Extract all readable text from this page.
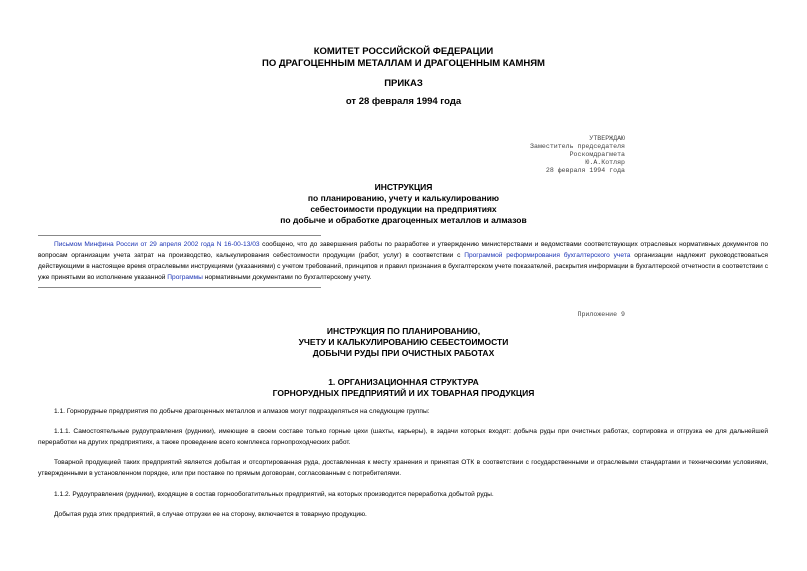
КОМИТЕТ РОССИЙСКОЙ ФЕДЕРАЦИИ
ПО ДРАГОЦЕННЫМ МЕТАЛЛАМ И ДРАГОЦЕННЫМ КАМНЯМ
ПРИКАЗ
от 28 февраля 1994 года
УТВЕРЖДАЮ
Заместитель председателя
Роскомдрагмета
Ю.А.Котляр
28 февраля 1994 года
ИНСТРУКЦИЯ
по планированию, учету и калькулированию
себестоимости продукции на предприятиях
по добыче и обработке драгоценных металлов и алмазов
Письмом Минфина России от 29 апреля 2002 года N 16-00-13/03 сообщено, что до завершения работы по разработке и утверждению министерствами и ведомствами соответствующих отраслевых нормативных документов по вопросам организации учета затрат на производство, калькулирования себестоимости продукции (работ, услуг) в соответствии с Программой реформирования бухгалтерского учета организации надлежит руководствоваться действующими в настоящее время отраслевыми инструкциями (указаниями) с учетом требований, принципов и правил признания в бухгалтерском учете показателей, раскрытия информации в бухгалтерской отчетности в соответствии с уже принятыми во исполнение указанной Программы нормативными документами по бухгалтерскому учету.
Приложение 9
ИНСТРУКЦИЯ ПО ПЛАНИРОВАНИЮ,
УЧЕТУ И КАЛЬКУЛИРОВАНИЮ СЕБЕСТОИМОСТИ
ДОБЫЧИ РУДЫ ПРИ ОЧИСТНЫХ РАБОТАХ
1. ОРГАНИЗАЦИОННАЯ СТРУКТУРА
ГОРНОРУДНЫХ ПРЕДПРИЯТИЙ И ИХ ТОВАРНАЯ ПРОДУКЦИЯ
1.1. Горнорудные предприятия по добыче драгоценных металлов и алмазов могут подразделяться на следующие группы:
1.1.1. Самостоятельные рудоуправления (рудники), имеющие в своем составе только горные цехи (шахты, карьеры), в задачи которых входят: добыча руды при очистных работах, сортировка и отгрузка ее для дальнейшей переработки на других предприятиях, а также проведение всего комплекса горнопроходческих работ.
Товарной продукцией таких предприятий является добытая и отсортированная руда, доставленная к месту хранения и принятая ОТК в соответствии с государственными и отраслевыми стандартами и техническими условиями, утвержденными в установленном порядке, или при поставке по прямым договорам, согласованным с потребителями.
1.1.2. Рудоуправления (рудники), входящие в состав горнообогатительных предприятий, на которых производится переработка добытой руды.
Добытая руда этих предприятий, в случае отгрузки ее на сторону, включается в товарную продукцию.
